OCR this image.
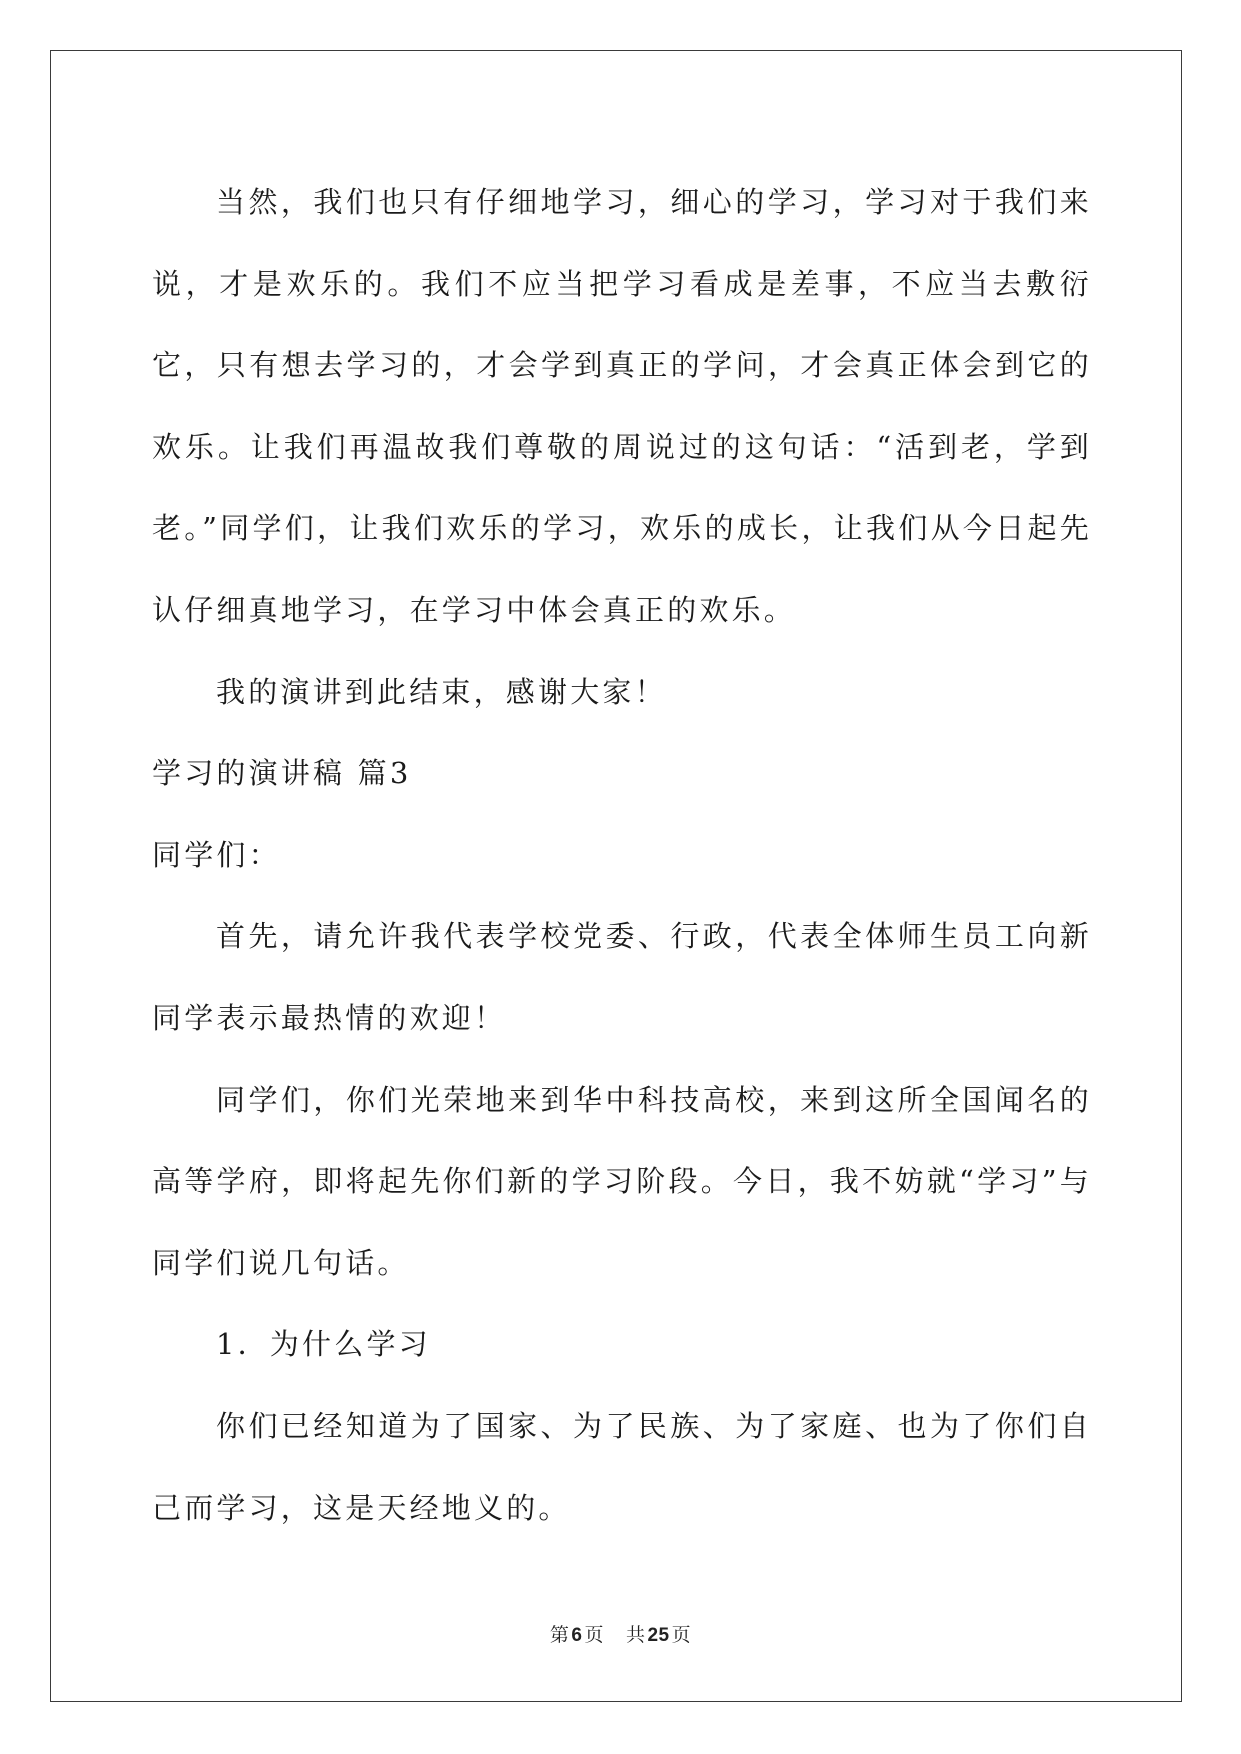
当然，我们也只有仔细地学习，细心的学习，学习对于我们来说，才是欢乐的。我们不应当把学习看成是差事，不应当去敷衍它，只有想去学习的，才会学到真正的学问，才会真正体会到它的欢乐。让我们再温故我们尊敬的周说过的这句话：“活到老，学到老。”同学们，让我们欢乐的学习，欢乐的成长，让我们从今日起先认仔细真地学习，在学习中体会真正的欢乐。

我的演讲到此结束，感谢大家！

学习的演讲稿 篇3

同学们：

首先，请允许我代表学校党委、行政，代表全体师生员工向新同学表示最热情的欢迎！

同学们，你们光荣地来到华中科技高校，来到这所全国闻名的高等学府，即将起先你们新的学习阶段。今日，我不妨就“学习”与同学们说几句话。

1．为什么学习

你们已经知道为了国家、为了民族、为了家庭、也为了你们自己而学习，这是天经地义的。

第 6 页 共 25 页
